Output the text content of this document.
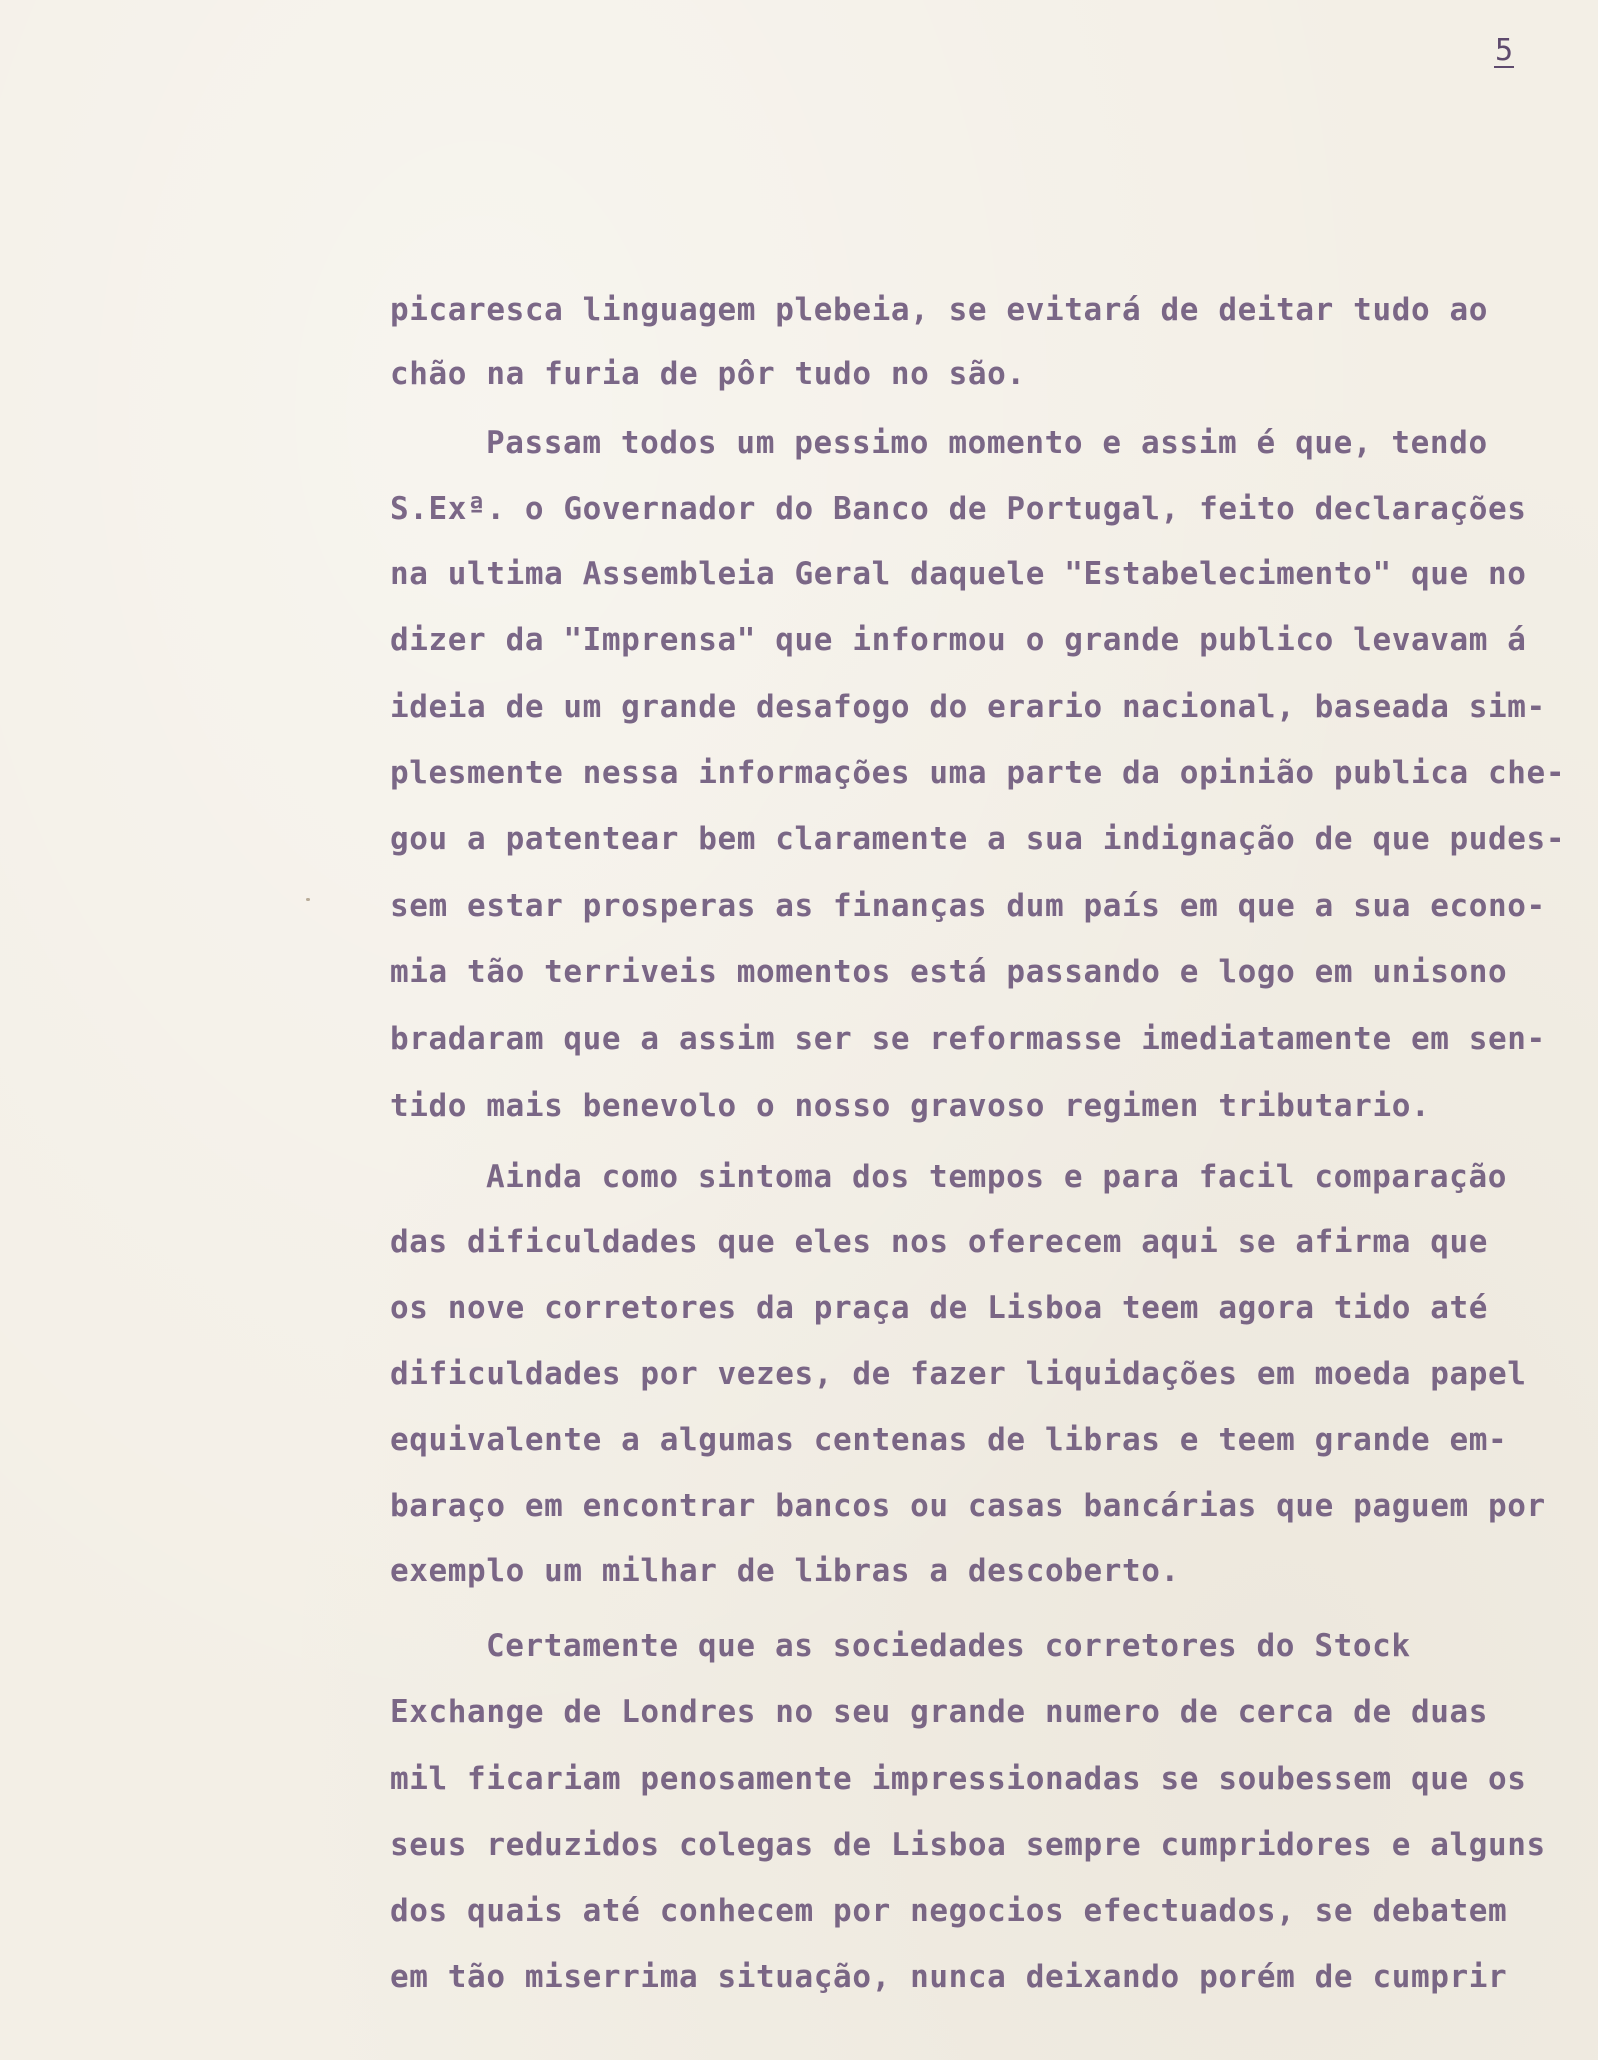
5
picaresca linguagem plebeia, se evitará de deitar tudo ao
chão na furia de pôr tudo no são.
Passam todos um pessimo momento e assim é que, tendo
S.Exª. o Governador do Banco de Portugal, feito declarações
na ultima Assembleia Geral daquele "Estabelecimento" que no
dizer da "Imprensa" que informou o grande publico levavam á
ideia de um grande desafogo do erario nacional, baseada sim-
plesmente nessa informações uma parte da opinião publica che-
gou a patentear bem claramente a sua indignação de que pudes-
sem estar prosperas as finanças dum país em que a sua econo-
mia tão terriveis momentos está passando e logo em unisono
bradaram que a assim ser se reformasse imediatamente em sen-
tido mais benevolo o nosso gravoso regimen tributario.
Ainda como sintoma dos tempos e para facil comparação
das dificuldades que eles nos oferecem aqui se afirma que
os nove corretores da praça de Lisboa teem agora tido até
dificuldades por vezes, de fazer liquidações em moeda papel
equivalente a algumas centenas de libras e teem grande em-
baraço em encontrar bancos ou casas bancárias que paguem por
exemplo um milhar de libras a descoberto.
Certamente que as sociedades corretores do Stock
Exchange de Londres no seu grande numero de cerca de duas
mil ficariam penosamente impressionadas se soubessem que os
seus reduzidos colegas de Lisboa sempre cumpridores e alguns
dos quais até conhecem por negocios efectuados, se debatem
em tão miserrima situação, nunca deixando porém de cumprir
